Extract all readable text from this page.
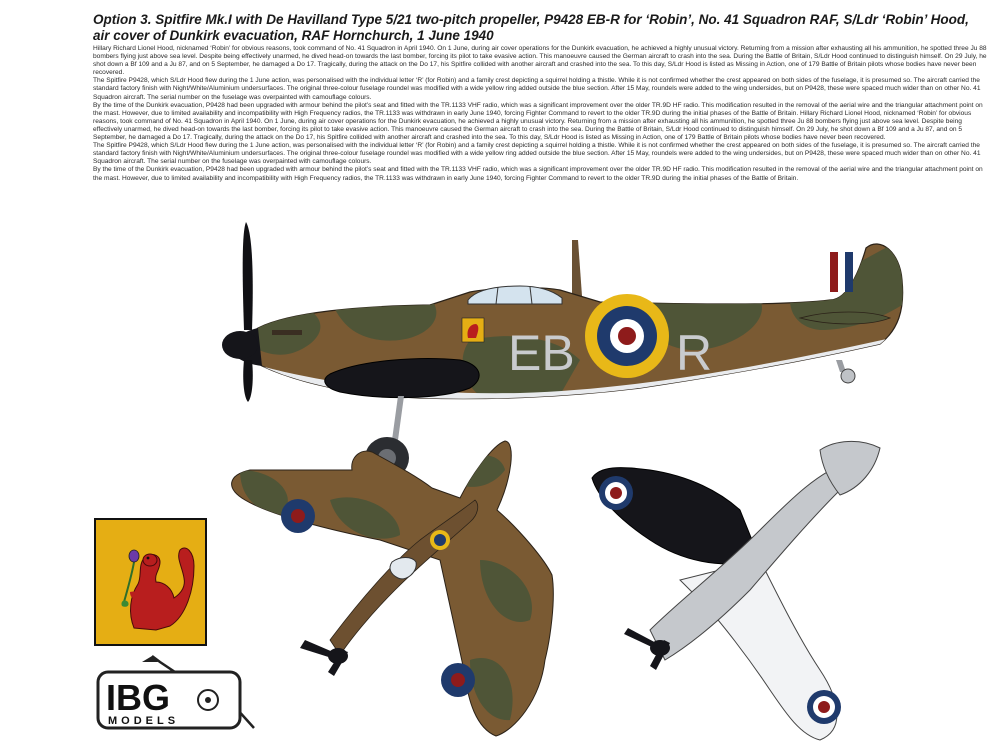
Option 3. Spitfire Mk.I with De Havilland Type 5/21 two-pitch propeller, P9428 EB-R for ‘Robin’, No. 41 Squadron RAF, S/Ldr ‘Robin’ Hood, air cover of Dunkirk evacuation, RAF Hornchurch, 1 June 1940

Hillary Richard Lionel Hood, nicknamed ‘Robin’ for obvious reasons, took command of No. 41 Squadron in April 1940. On 1 June, during air cover operations for the Dunkirk evacuation, he achieved a highly unusual victory. Returning from a mission after exhausting all his ammunition, he spotted three Ju 88 bombers flying just above sea level. Despite being effectively unarmed, he dived head-on towards the last bomber, forcing its pilot to take evasive action. This manoeuvre caused the German aircraft to crash into the sea. During the Battle of Britain, S/Ldr Hood continued to distinguish himself. On 29 July, he shot down a Bf 109 and a Ju 87, and on 5 September, he damaged a Do 17. Tragically, during the attack on the Do 17, his Spitfire collided with another aircraft and crashed into the sea. To this day, S/Ldr Hood is listed as Missing in Action, one of 179 Battle of Britain pilots whose bodies have never been recovered.

The Spitfire P9428, which S/Ldr Hood flew during the 1 June action, was personalised with the individual letter ‘R’ (for Robin) and a family crest depicting a squirrel holding a thistle. While it is not confirmed whether the crest appeared on both sides of the fuselage, it is presumed so. The aircraft carried the standard factory finish with Night/White/Aluminium undersurfaces. The original three-colour fuselage roundel was modified with a wide yellow ring added outside the blue section. After 15 May, roundels were added to the wing undersides, but on P9428, these were spaced much wider than on other No. 41 Squadron aircraft. The serial number on the fuselage was overpainted with camouflage colours.

By the time of the Dunkirk evacuation, P9428 had been upgraded with armour behind the pilot’s seat and fitted with the TR.1133 VHF radio, which was a significant improvement over the older TR.9D HF radio. This modification resulted in the removal of the aerial wire and the triangular attachment point on the mast. However, due to limited availability and incompatibility with High Frequency radios, the TR.1133 was withdrawn in early June 1940, forcing Fighter Command to revert to the older TR.9D during the initial phases of the Battle of Britain. Hillary Richard Lionel Hood, nicknamed ‘Robin’ for obvious reasons, took command of No. 41 Squadron in April 1940. On 1 June, during air cover operations for the Dunkirk evacuation, he achieved a highly unusual victory. Returning from a mission after exhausting all his ammunition, he spotted three Ju 88 bombers flying just above sea level. Despite being effectively unarmed, he dived head-on towards the last bomber, forcing its pilot to take evasive action. This manoeuvre caused the German aircraft to crash into the sea. During the Battle of Britain, S/Ldr Hood continued to distinguish himself. On 29 July, he shot down a Bf 109 and a Ju 87, and on 5 September, he damaged a Do 17. Tragically, during the attack on the Do 17, his Spitfire collided with another aircraft and crashed into the sea. To this day, S/Ldr Hood is listed as Missing in Action, one of 179 Battle of Britain pilots whose bodies have never been recovered.

The Spitfire P9428, which S/Ldr Hood flew during the 1 June action, was personalised with the individual letter ‘R’ (for Robin) and a family crest depicting a squirrel holding a thistle. While it is not confirmed whether the crest appeared on both sides of the fuselage, it is presumed so. The aircraft carried the standard factory finish with Night/White/Aluminium undersurfaces. The original three-colour fuselage roundel was modified with a wide yellow ring added outside the blue section. After 15 May, roundels were added to the wing undersides, but on P9428, these were spaced much wider than on other No. 41 Squadron aircraft. The serial number on the fuselage was overpainted with camouflage colours.

By the time of the Dunkirk evacuation, P9428 had been upgraded with armour behind the pilot’s seat and fitted with the TR.1133 VHF radio, which was a significant improvement over the older TR.9D HF radio. This modification resulted in the removal of the aerial wire and the triangular attachment point on the mast. However, due to limited availability and incompatibility with High Frequency radios, the TR.1133 was withdrawn in early June 1940, forcing Fighter Command to revert to the older TR.9D during the initial phases of the Battle of Britain.

EB R
IBG
MODELS
